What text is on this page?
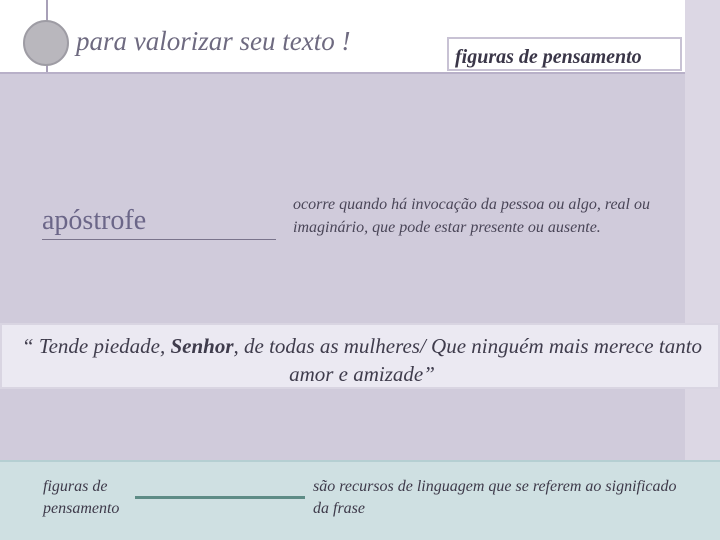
para valorizar seu texto !
figuras de pensamento
apóstrofe
ocorre quando há invocação da pessoa ou algo, real ou imaginário, que pode estar presente ou ausente.
“ Tende piedade, Senhor, de todas as mulheres/ Que ninguém mais merece tanto amor e amizade”
figuras de pensamento
são recursos de linguagem que se referem ao significado da frase
